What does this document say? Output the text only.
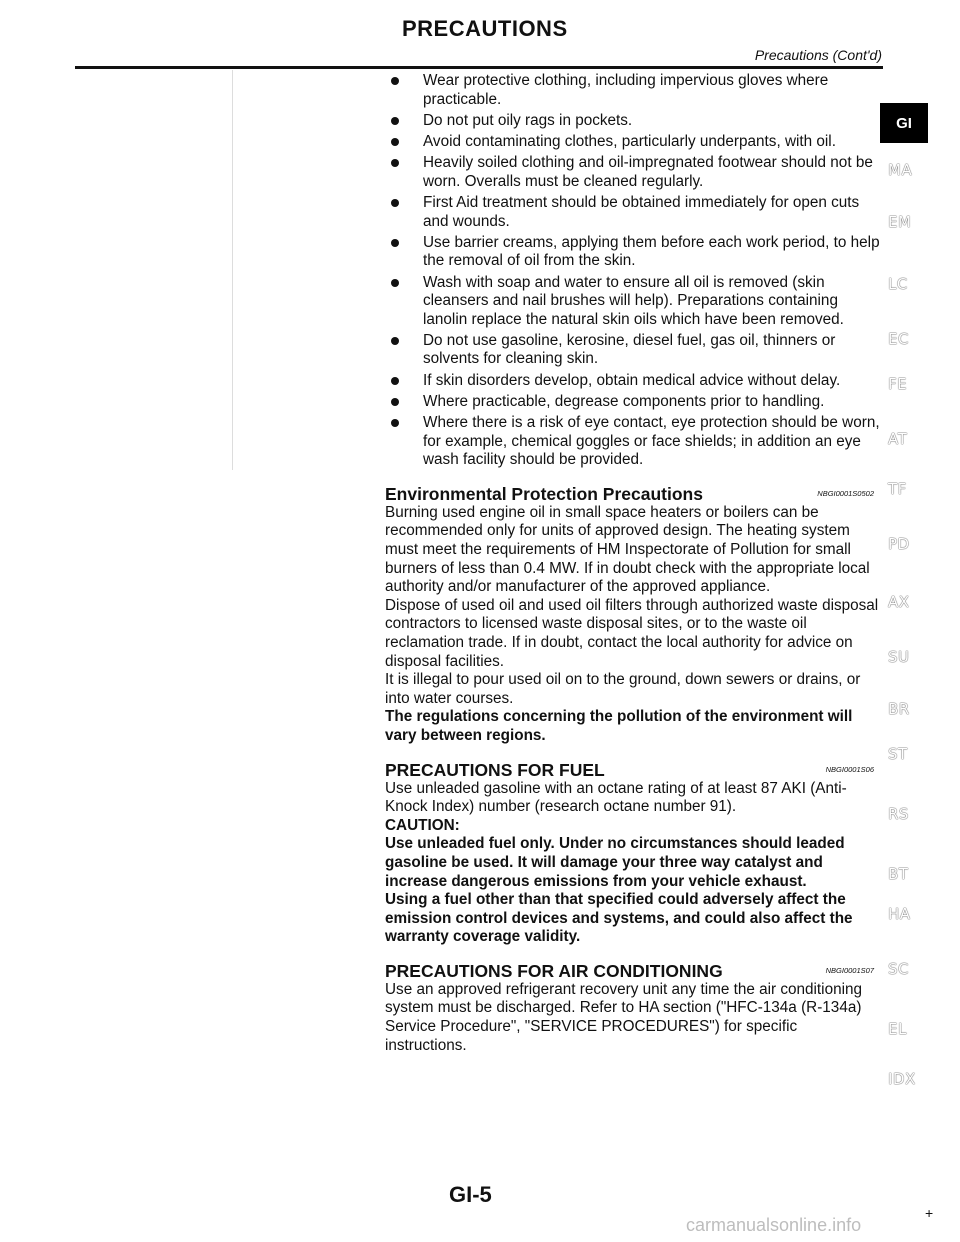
PRECAUTIONS
Precautions (Cont'd)
Wear protective clothing, including impervious gloves where practicable.
Do not put oily rags in pockets.
Avoid contaminating clothes, particularly underpants, with oil.
Heavily soiled clothing and oil-impregnated footwear should not be worn. Overalls must be cleaned regularly.
First Aid treatment should be obtained immediately for open cuts and wounds.
Use barrier creams, applying them before each work period, to help the removal of oil from the skin.
Wash with soap and water to ensure all oil is removed (skin cleansers and nail brushes will help). Preparations containing lanolin replace the natural skin oils which have been removed.
Do not use gasoline, kerosine, diesel fuel, gas oil, thinners or solvents for cleaning skin.
If skin disorders develop, obtain medical advice without delay.
Where practicable, degrease components prior to handling.
Where there is a risk of eye contact, eye protection should be worn, for example, chemical goggles or face shields; in addition an eye wash facility should be provided.
Environmental Protection Precautions	NBGI0001S0502

Burning used engine oil in small space heaters or boilers can be recommended only for units of approved design. The heating system must meet the requirements of HM Inspectorate of Pollution for small burners of less than 0.4 MW. If in doubt check with the appropriate local authority and/or manufacturer of the approved appliance.

Dispose of used oil and used oil filters through authorized waste disposal contractors to licensed waste disposal sites, or to the waste oil reclamation trade. If in doubt, contact the local authority for advice on disposal facilities.

It is illegal to pour used oil on to the ground, down sewers or drains, or into water courses.

The regulations concerning the pollution of the environment will vary between regions.

PRECAUTIONS FOR FUEL	NBGI0001S06

Use unleaded gasoline with an octane rating of at least 87 AKI (Anti-Knock Index) number (research octane number 91).

CAUTION:

Use unleaded fuel only. Under no circumstances should leaded gasoline be used. It will damage your three way catalyst and increase dangerous emissions from your vehicle exhaust.

Using a fuel other than that specified could adversely affect the emission control devices and systems, and could also affect the warranty coverage validity.

PRECAUTIONS FOR AIR CONDITIONING	NBGI0001S07

Use an approved refrigerant recovery unit any time the air conditioning system must be discharged. Refer to HA section ("HFC-134a (R-134a) Service Procedure", "SERVICE PROCEDURES") for specific instructions.

GI
MA
EM
LC
EC
FE
AT
TF
PD
AX
SU
BR
ST
RS
BT
HA
SC
EL
IDX
GI-5
+
carmanualsonline.info
